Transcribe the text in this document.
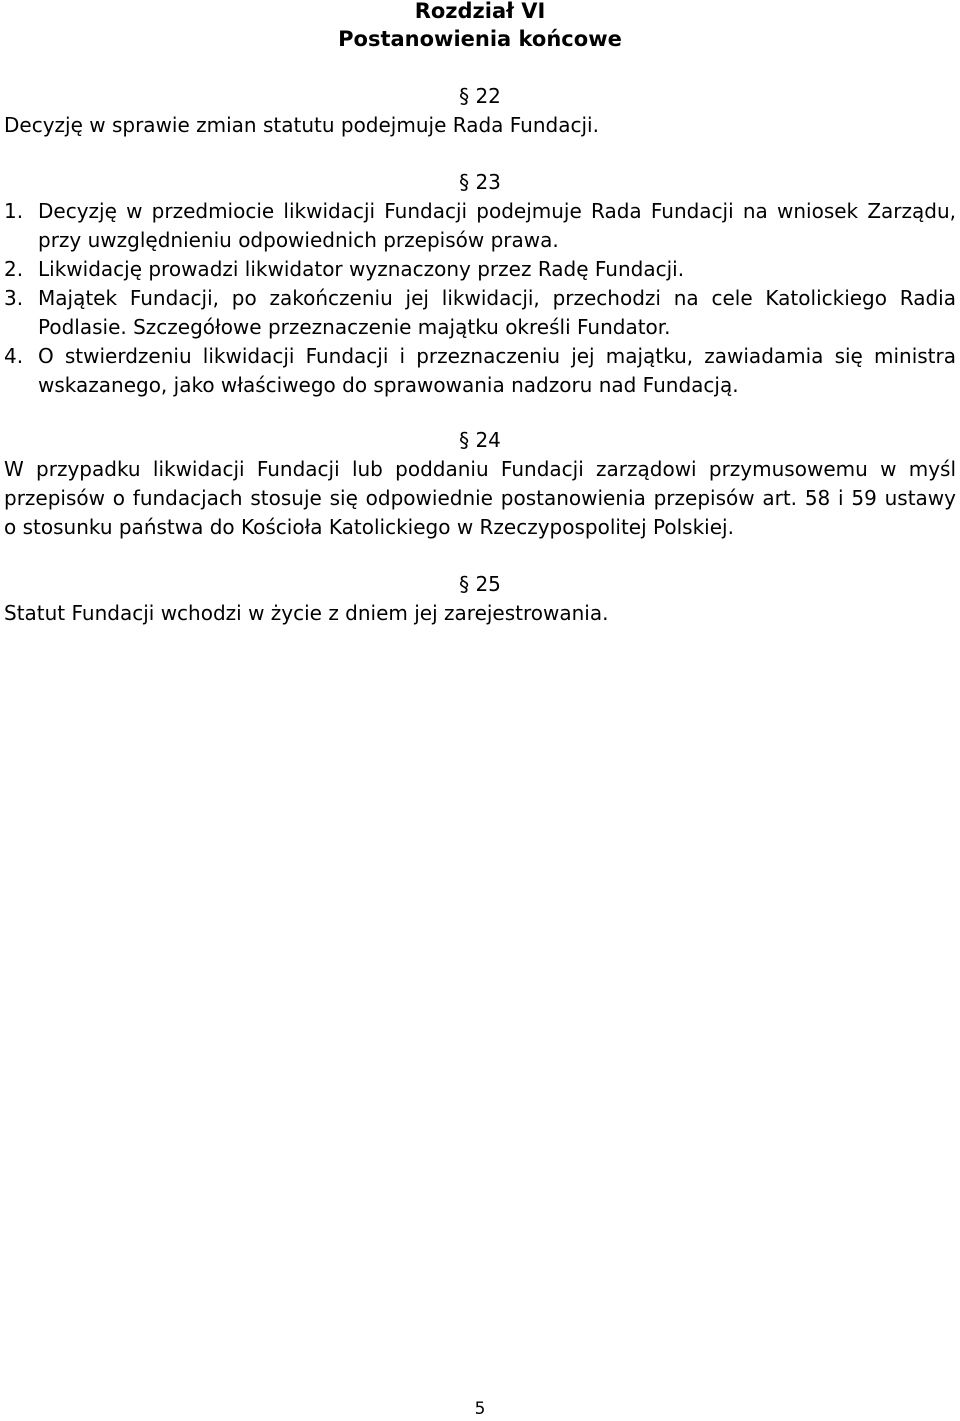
Rozdział VI
Postanowienia końcowe
§ 22
Decyzję w sprawie zmian statutu podejmuje Rada Fundacji.
§ 23
1. Decyzję w przedmiocie likwidacji Fundacji podejmuje Rada Fundacji na wniosek Zarządu, przy uwzględnieniu odpowiednich przepisów prawa.
2. Likwidację prowadzi likwidator wyznaczony przez Radę Fundacji.
3. Majątek Fundacji, po zakończeniu jej likwidacji, przechodzi na cele Katolickiego Radia Podlasie. Szczegółowe przeznaczenie majątku określi Fundator.
4. O stwierdzeniu likwidacji Fundacji i przeznaczeniu jej majątku, zawiadamia się ministra wskazanego, jako właściwego do sprawowania nadzoru nad Fundacją.
§ 24
W przypadku likwidacji Fundacji lub poddaniu Fundacji zarządowi przymusowemu w myśl przepisów o fundacjach stosuje się odpowiednie postanowienia przepisów art. 58 i 59 ustawy o stosunku państwa do Kościoła Katolickiego w Rzeczypospolitej Polskiej.
§ 25
Statut Fundacji wchodzi w życie z dniem jej zarejestrowania.
5
